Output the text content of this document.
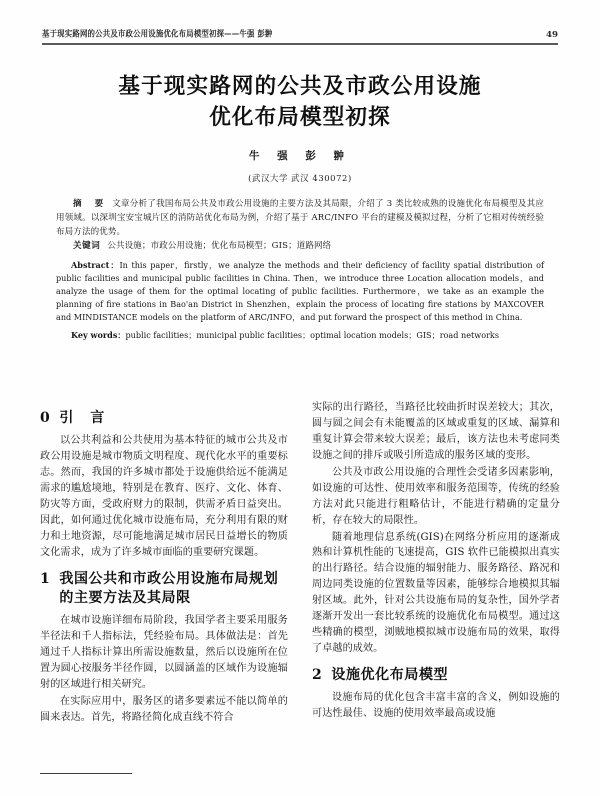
基于现实路网的公共及市政公用设施优化布局模型初探——牛强 彭翀	49
基于现实路网的公共及市政公用设施
优化布局模型初探
牛 强 彭 翀
(武汉大学 武汉 430072)
摘 要 文章分析了我国布局公共及市政公用设施的主要方法及其局限，介绍了 3 类比较成熟的设施优化布局模型及其应用领域。以深圳宝安宝城片区的消防站优化布局为例，介绍了基于 ARC/INFO 平台的建模及模拟过程，分析了它相对传统经验布局方法的优势。
关键词 公共设施；市政公用设施；优化布局模型；GIS；道路网络
Abstract：In this paper，firstly，we analyze the methods and their deficiency of facility spatial distribution of public facilities and municipal public facilities in China. Then，we introduce three Location allocation models，and analyze the usage of them for the optimal locating of public facilities. Furthermore，we take as an example the planning of fire stations in Bao'an District in Shenzhen，explain the process of locating fire stations by MAXCOVER and MINDISTANCE models on the platform of ARC/INFO，and put forward the prospect of this method in China.
Key words：public facilities；municipal public facilities；optimal location models；GIS；road networks
0 引 言

以公共利益和公共使用为基本特征的城市公共及市政公用设施是城市物质文明程度、现代化水平的重要标志。然而，我国的许多城市都处于设施供给远不能满足需求的尴尬境地，特别是在教育、医疗、文化、体育、防灾等方面，受政府财力的限制，供需矛盾日益突出。因此，如何通过优化城市设施布局，充分利用有限的财力和土地资源，尽可能地满足城市居民日益增长的物质文化需求，成为了许多城市面临的重要研究课题。

1 我国公共和市政公用设施布局规划的主要方法及其局限

在城市设施详细布局阶段，我国学者主要采用服务半径法和千人指标法，凭经验布局。具体做法是：首先通过千人指标计算出所需设施数量，然后以设施所在位置为圆心按服务半径作圆，以圆涵盖的区域作为设施辐射的区域进行相关研究。

在实际应用中，服务区的诸多要素远不能以简单的圆来表达。首先，将路径简化成直线不符合

实际的出行路径，当路径比较曲折时误差较大；其次，圆与圆之间会有未能覆盖的区域或重复的区域、漏算和重复计算会带来较大误差；最后，该方法也未考虑同类设施之间的排斥或吸引所造成的服务区域的变形。

公共及市政公用设施的合理性会受诸多因素影响，如设施的可达性、使用效率和服务范围等，传统的经验方法对此只能进行粗略估计，不能进行精确的定量分析，存在较大的局限性。

随着地理信息系统(GIS)在网络分析应用的逐渐成熟和计算机性能的飞速提高，GIS 软件已能模拟出真实的出行路径。结合设施的辐射能力、服务路径、路况和周边同类设施的位置数量等因素，能够综合地模拟其辐射区域。此外，针对公共设施布局的复杂性，国外学者逐渐开发出一套比较系统的设施优化布局模型。通过这些精确的模型，浏贼地模拟城市设施布局的效果，取得了卓越的成效。

2 设施优化布局模型

设施布局的优化包含丰富丰富的含义，例如设施的可达性最佳、设施的使用效率最高或设施
